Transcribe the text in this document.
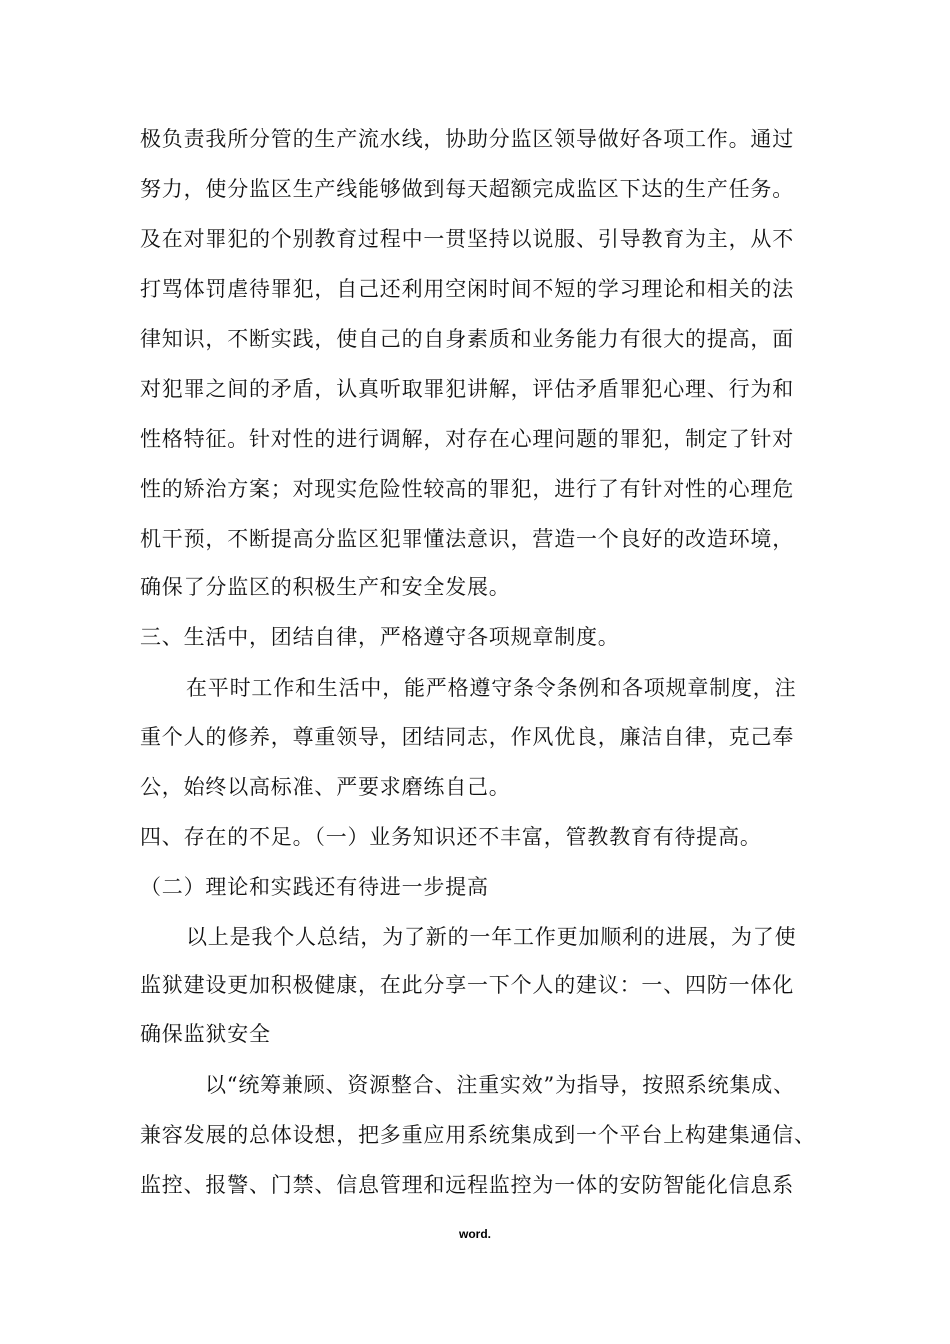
极负责我所分管的生产流水线，协助分监区领导做好各项工作。通过
努力，使分监区生产线能够做到每天超额完成监区下达的生产任务。
及在对罪犯的个别教育过程中一贯坚持以说服、引导教育为主，从不
打骂体罚虐待罪犯，自己还利用空闲时间不短的学习理论和相关的法
律知识，不断实践，使自己的自身素质和业务能力有很大的提高，面
对犯罪之间的矛盾，认真听取罪犯讲解，评估矛盾罪犯心理、行为和
性格特征。针对性的进行调解，对存在心理问题的罪犯，制定了针对
性的矫治方案；对现实危险性较高的罪犯，进行了有针对性的心理危
机干预，不断提高分监区犯罪懂法意识，营造一个良好的改造环境，
确保了分监区的积极生产和安全发展。
三、生活中，团结自律，严格遵守各项规章制度。
在平时工作和生活中，能严格遵守条令条例和各项规章制度，注
重个人的修养，尊重领导，团结同志，作风优良，廉洁自律，克己奉
公，始终以高标准、严要求磨练自己。
四、存在的不足。（一）业务知识还不丰富，管教教育有待提高。
（二）理论和实践还有待进一步提高
以上是我个人总结，为了新的一年工作更加顺利的进展，为了使
监狱建设更加积极健康，在此分享一下个人的建议：一、四防一体化
确保监狱安全
以“统筹兼顾、资源整合、注重实效”为指导，按照系统集成、
兼容发展的总体设想，把多重应用系统集成到一个平台上构建集通信、
监控、报警、门禁、信息管理和远程监控为一体的安防智能化信息系
word.
